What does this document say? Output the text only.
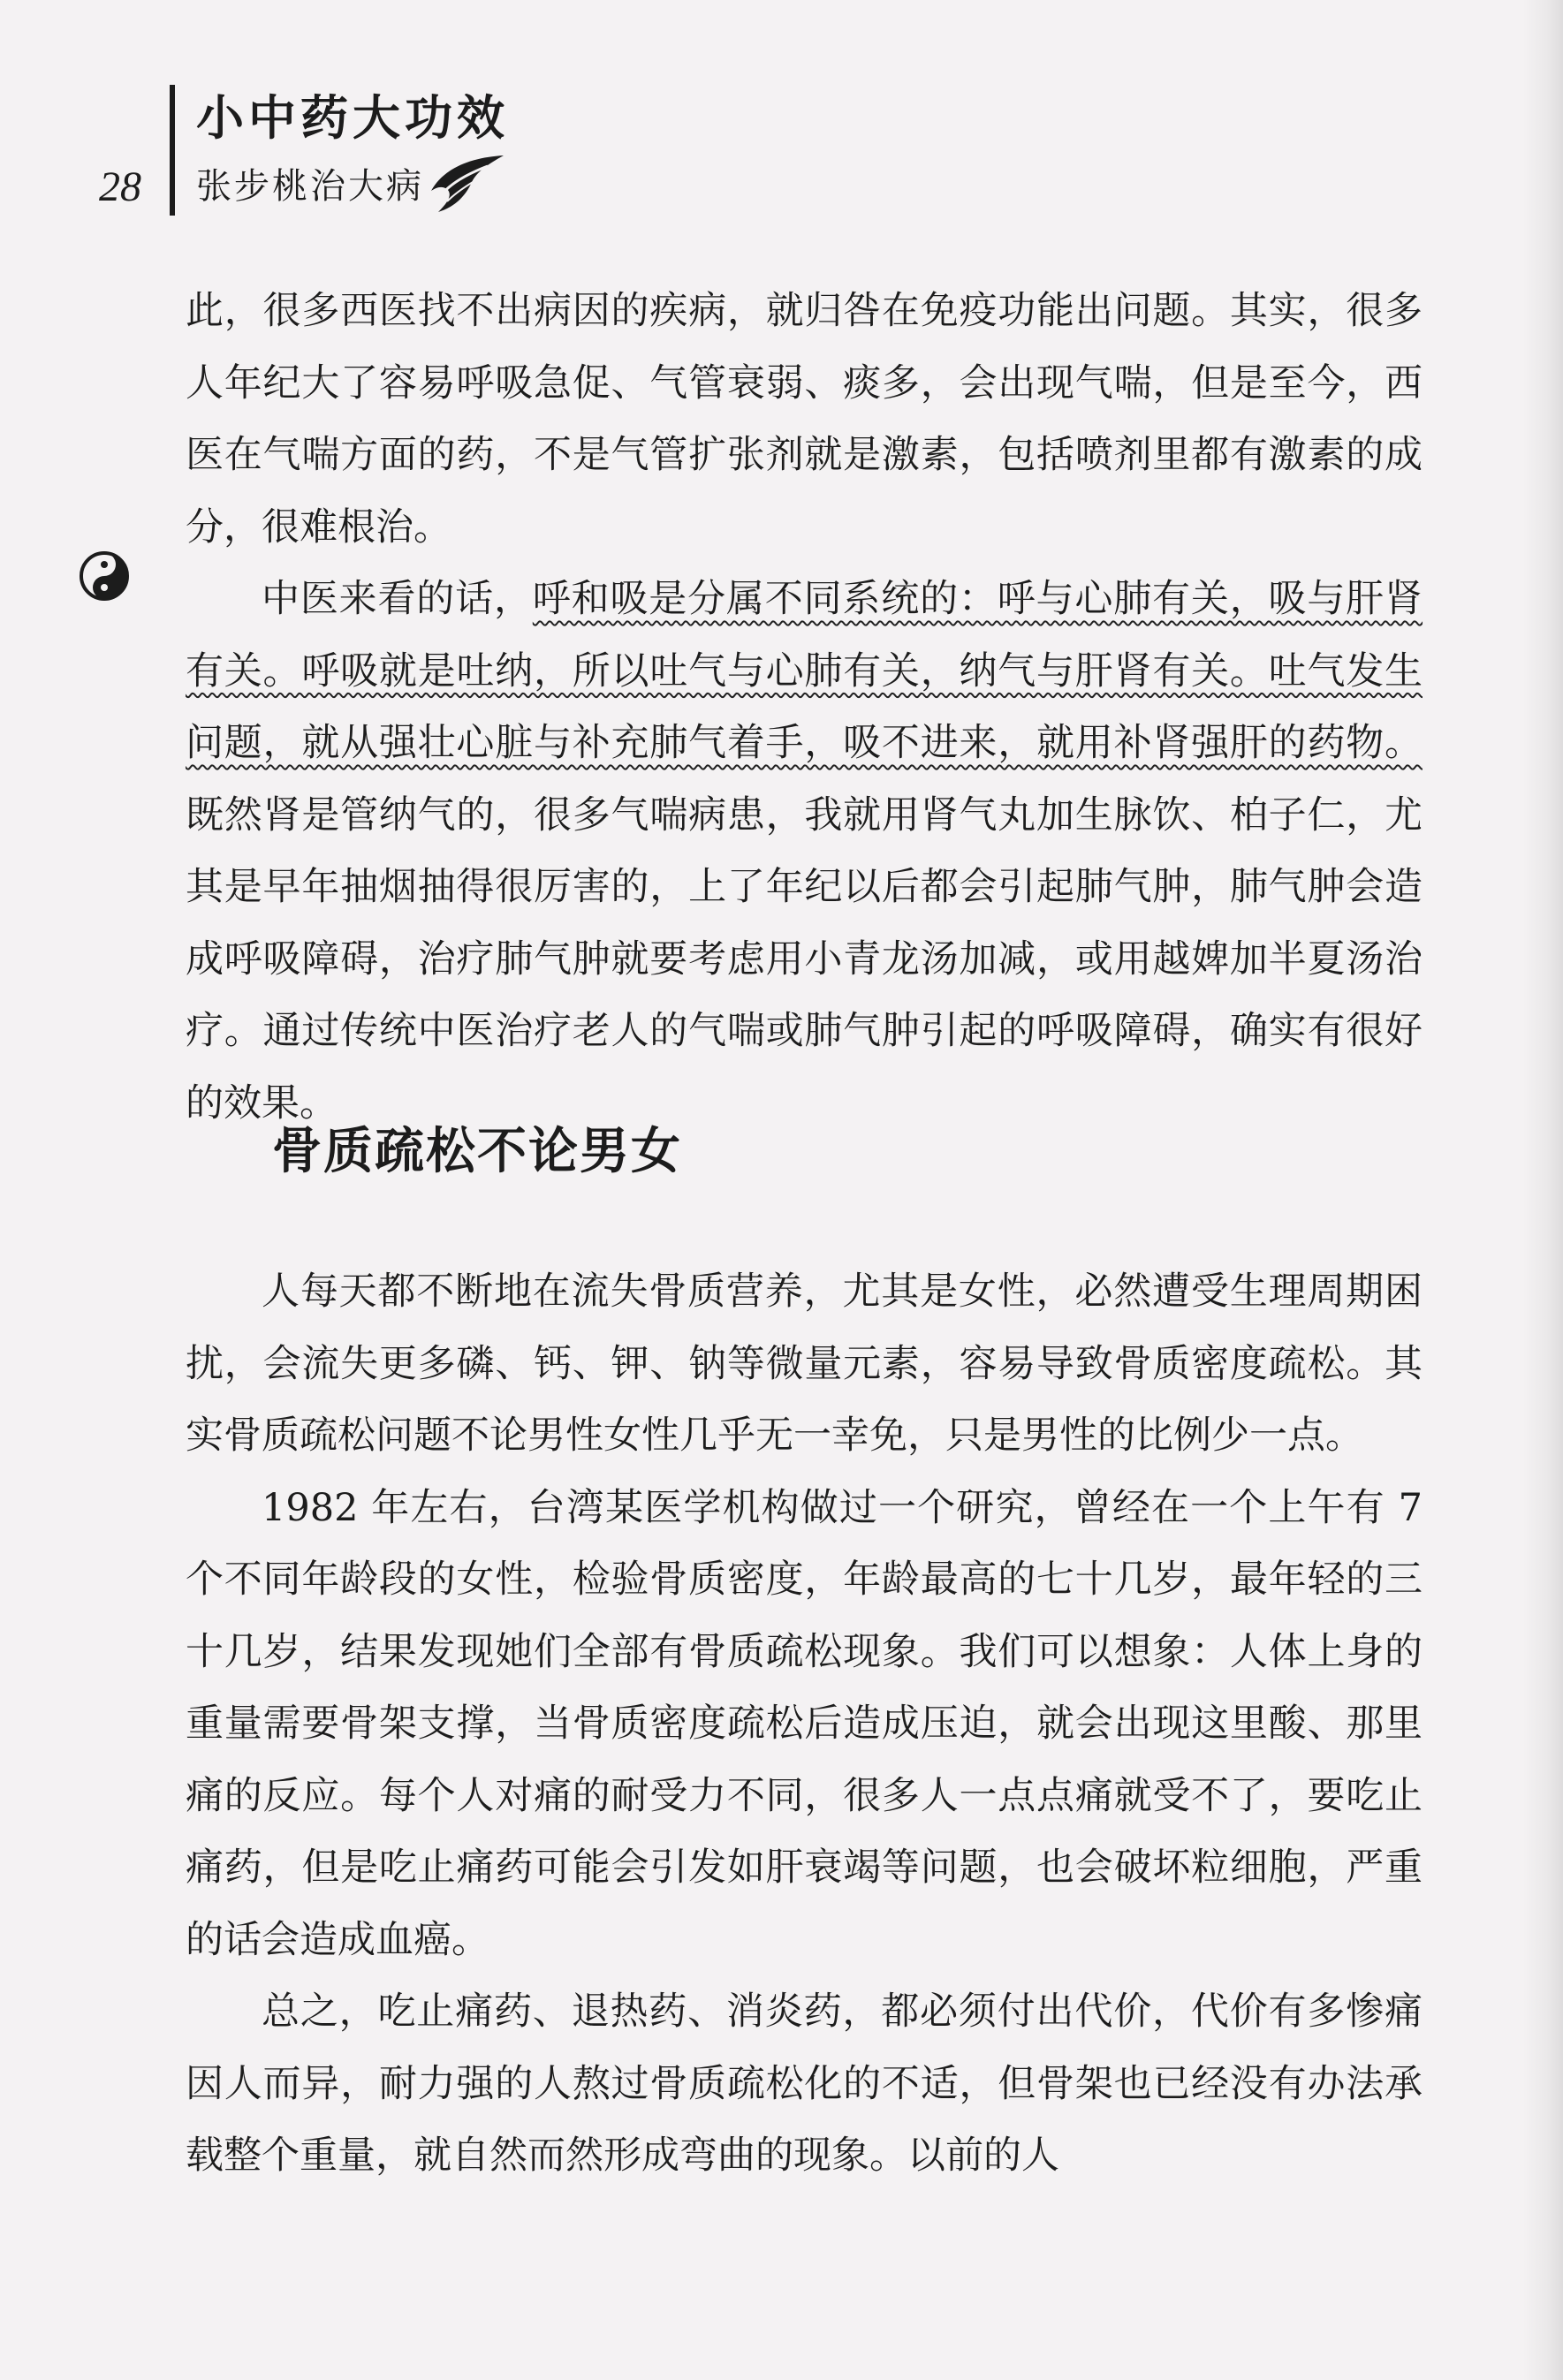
28
小中药大功效
张步桃治大病

此，很多西医找不出病因的疾病，就归咎在免疫功能出问题。其实，很多人年纪大了容易呼吸急促、气管衰弱、痰多，会出现气喘，但是至今，西医在气喘方面的药，不是气管扩张剂就是激素，包括喷剂里都有激素的成分，很难根治。

中医来看的话，呼和吸是分属不同系统的：呼与心肺有关，吸与肝肾有关。呼吸就是吐纳，所以吐气与心肺有关，纳气与肝肾有关。吐气发生问题，就从强壮心脏与补充肺气着手，吸不进来，就用补肾强肝的药物。既然肾是管纳气的，很多气喘病患，我就用肾气丸加生脉饮、柏子仁，尤其是早年抽烟抽得很厉害的，上了年纪以后都会引起肺气肿，肺气肿会造成呼吸障碍，治疗肺气肿就要考虑用小青龙汤加减，或用越婢加半夏汤治疗。通过传统中医治疗老人的气喘或肺气肿引起的呼吸障碍，确实有很好的效果。

骨质疏松不论男女

人每天都不断地在流失骨质营养，尤其是女性，必然遭受生理周期困扰，会流失更多磷、钙、钾、钠等微量元素，容易导致骨质密度疏松。其实骨质疏松问题不论男性女性几乎无一幸免，只是男性的比例少一点。

1982 年左右，台湾某医学机构做过一个研究，曾经在一个上午有 7 个不同年龄段的女性，检验骨质密度，年龄最高的七十几岁，最年轻的三十几岁，结果发现她们全部有骨质疏松现象。我们可以想象：人体上身的重量需要骨架支撑，当骨质密度疏松后造成压迫，就会出现这里酸、那里痛的反应。每个人对痛的耐受力不同，很多人一点点痛就受不了，要吃止痛药，但是吃止痛药可能会引发如肝衰竭等问题，也会破坏粒细胞，严重的话会造成血癌。

总之，吃止痛药、退热药、消炎药，都必须付出代价，代价有多惨痛因人而异，耐力强的人熬过骨质疏松化的不适，但骨架也已经没有办法承载整个重量，就自然而然形成弯曲的现象。以前的人
